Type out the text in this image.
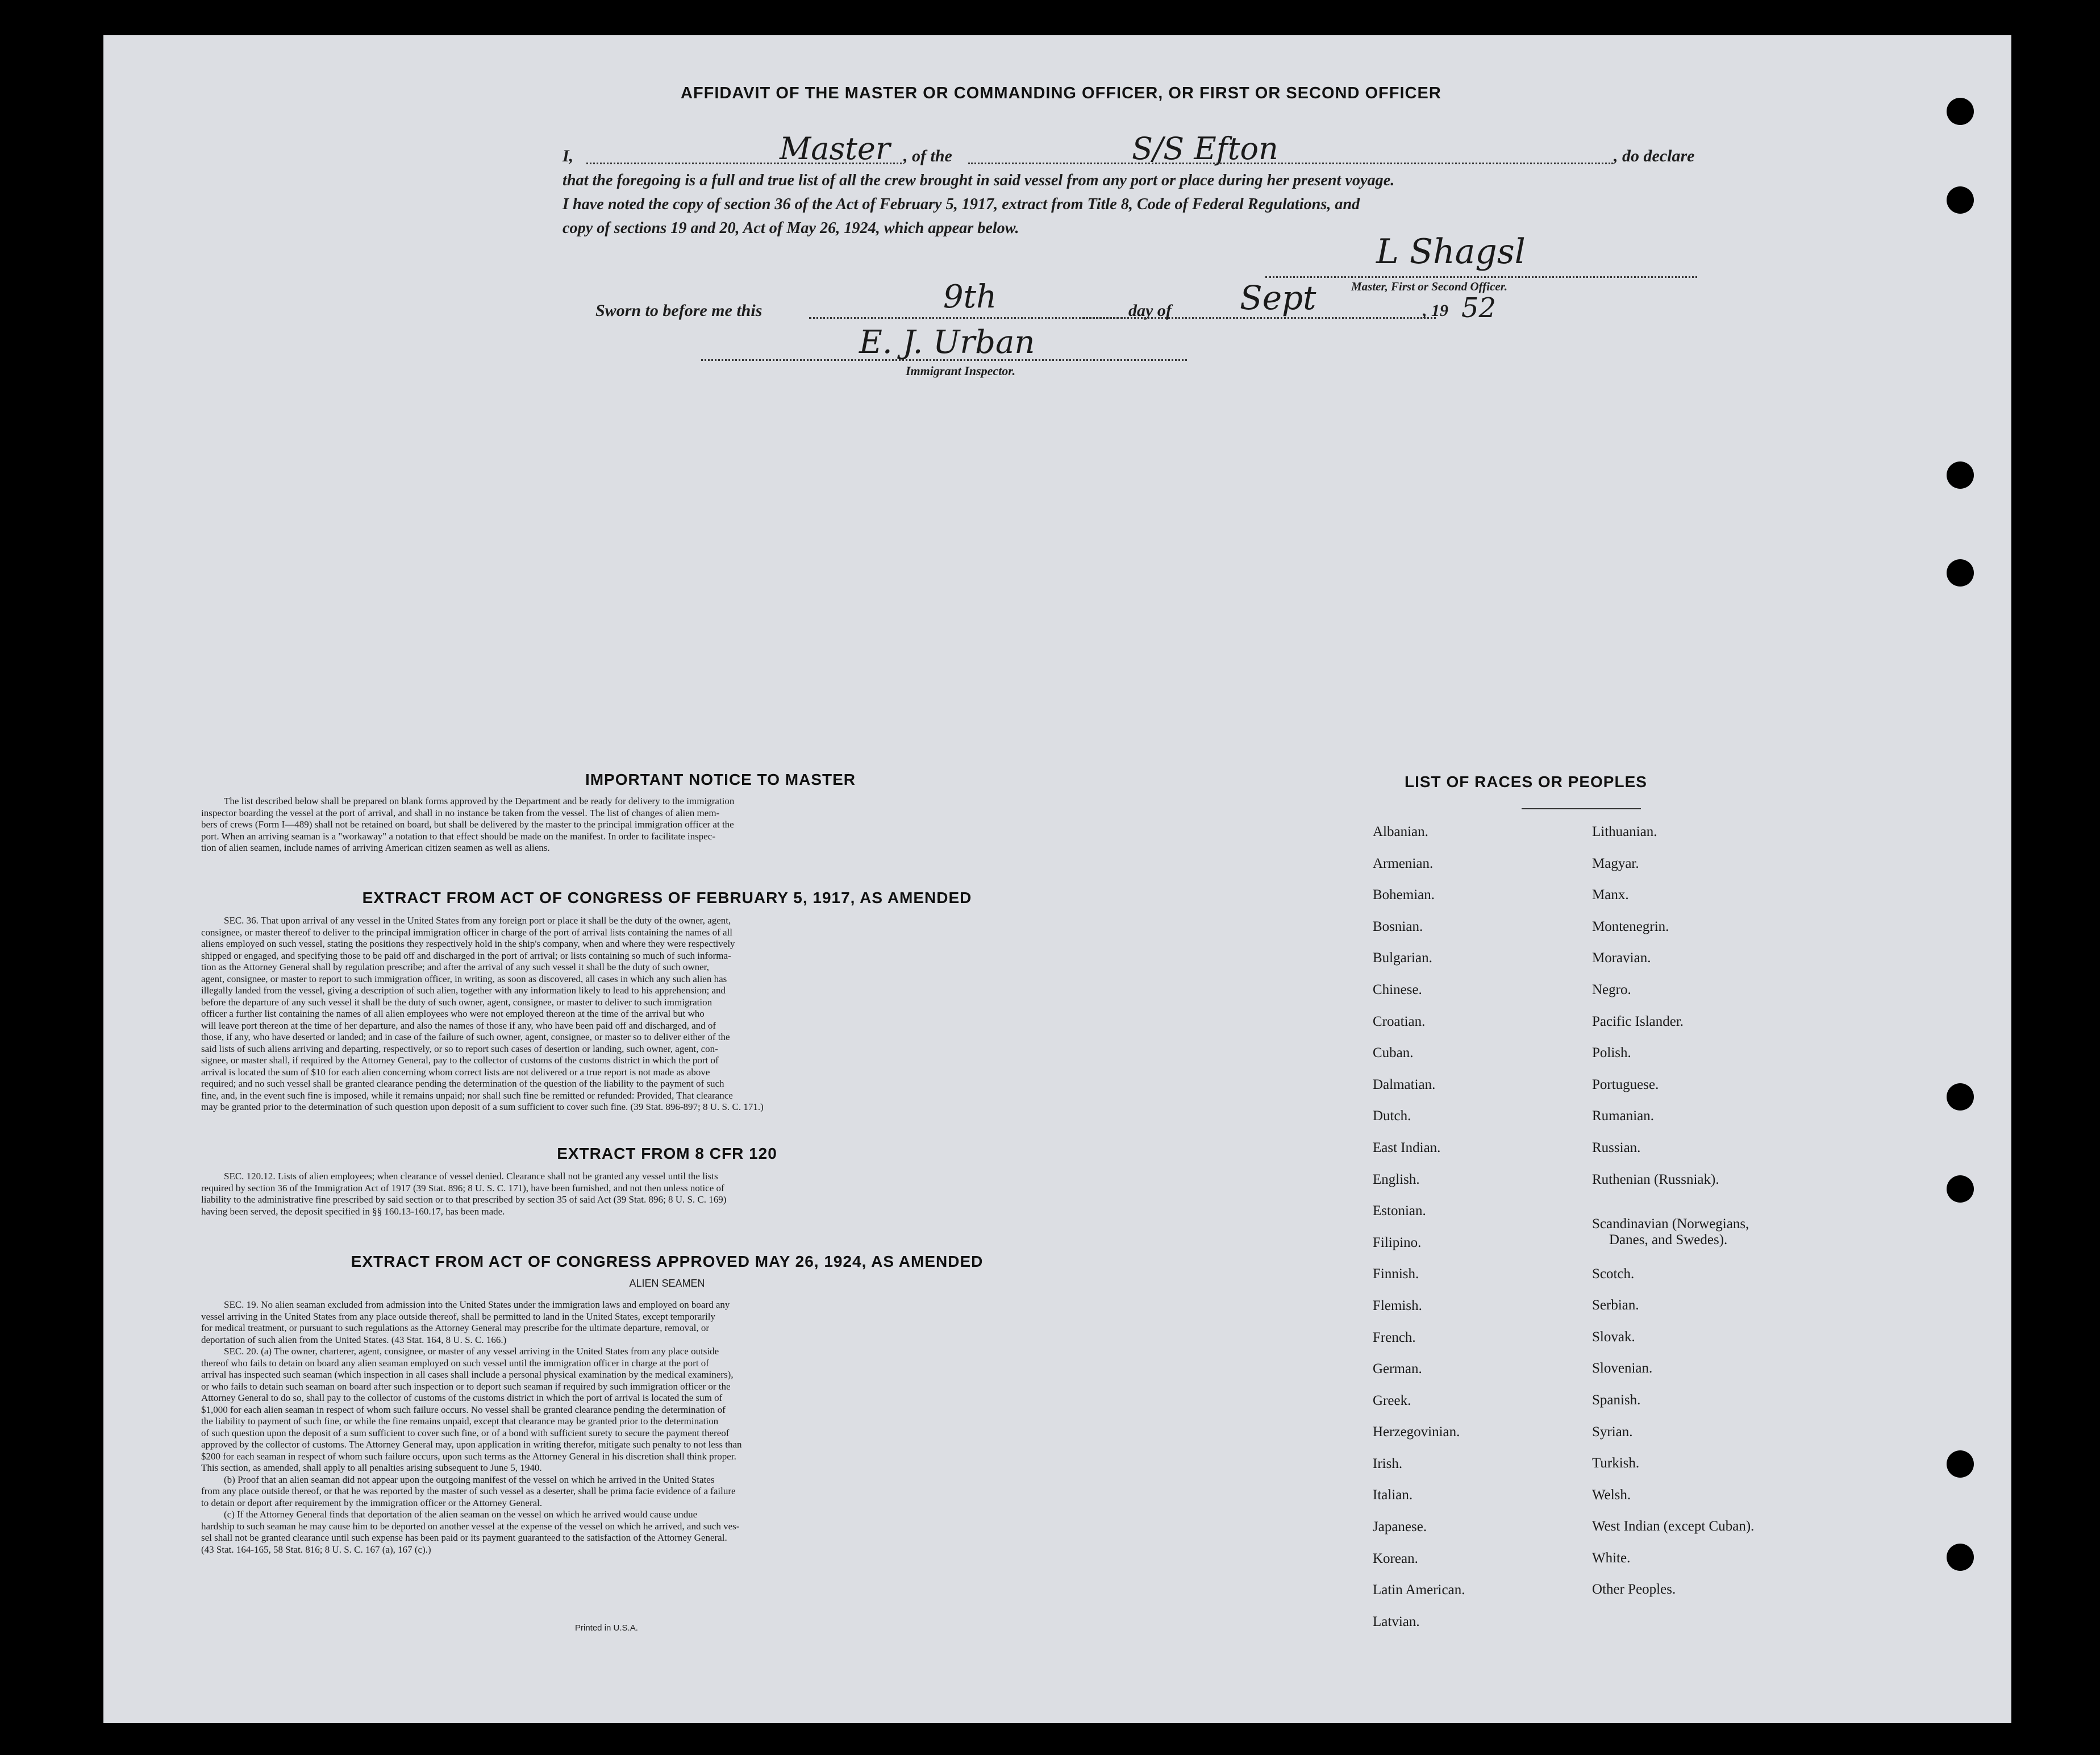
AFFIDAVIT OF THE MASTER OR COMMANDING OFFICER, OR FIRST OR SECOND OFFICER
I,	Master , of the	S/S Efton	, do declare
that the foregoing is a full and true list of all the crew brought in said vessel from any port or place during her present voyage.
I have noted the copy of section 36 of the Act of February 5, 1917, extract from Title 8, Code of Federal Regulations, and
copy of sections 19 and 20, Act of May 26, 1924, which appear below.
L Shagsl
Master, First or Second Officer.
Sworn to before me this	9th	day of Sept	, 19 52
E. J. Urban
Immigrant Inspector.
IMPORTANT NOTICE TO MASTER
The list described below shall be prepared on blank forms approved by the Department and be ready for delivery to the immigration
inspector boarding the vessel at the port of arrival, and shall in no instance be taken from the vessel. The list of changes of alien mem-
bers of crews (Form I—489) shall not be retained on board, but shall be delivered by the master to the principal immigration officer at the
port. When an arriving seaman is a "workaway" a notation to that effect should be made on the manifest. In order to facilitate inspec-
tion of alien seamen, include names of arriving American citizen seamen as well as aliens.
EXTRACT FROM ACT OF CONGRESS OF FEBRUARY 5, 1917, AS AMENDED
SEC. 36. That upon arrival of any vessel in the United States from any foreign port or place it shall be the duty of the owner, agent,
consignee, or master thereof to deliver to the principal immigration officer in charge of the port of arrival lists containing the names of all
aliens employed on such vessel, stating the positions they respectively hold in the ship's company, when and where they were respectively
shipped or engaged, and specifying those to be paid off and discharged in the port of arrival; or lists containing so much of such informa-
tion as the Attorney General shall by regulation prescribe; and after the arrival of any such vessel it shall be the duty of such owner,
agent, consignee, or master to report to such immigration officer, in writing, as soon as discovered, all cases in which any such alien has
illegally landed from the vessel, giving a description of such alien, together with any information likely to lead to his apprehension; and
before the departure of any such vessel it shall be the duty of such owner, agent, consignee, or master to deliver to such immigration
officer a further list containing the names of all alien employees who were not employed thereon at the time of the arrival but who
will leave port thereon at the time of her departure, and also the names of those if any, who have been paid off and discharged, and of
those, if any, who have deserted or landed; and in case of the failure of such owner, agent, consignee, or master so to deliver either of the
said lists of such aliens arriving and departing, respectively, or so to report such cases of desertion or landing, such owner, agent, con-
signee, or master shall, if required by the Attorney General, pay to the collector of customs of the customs district in which the port of
arrival is located the sum of $10 for each alien concerning whom correct lists are not delivered or a true report is not made as above
required; and no such vessel shall be granted clearance pending the determination of the question of the liability to the payment of such
fine, and, in the event such fine is imposed, while it remains unpaid; nor shall such fine be remitted or refunded: Provided, That clearance
may be granted prior to the determination of such question upon deposit of a sum sufficient to cover such fine. (39 Stat. 896-897; 8 U. S. C. 171.)
EXTRACT FROM 8 CFR 120
SEC. 120.12. Lists of alien employees; when clearance of vessel denied. Clearance shall not be granted any vessel until the lists
required by section 36 of the Immigration Act of 1917 (39 Stat. 896; 8 U. S. C. 171), have been furnished, and not then unless notice of
liability to the administrative fine prescribed by said section or to that prescribed by section 35 of said Act (39 Stat. 896; 8 U. S. C. 169)
having been served, the deposit specified in §§ 160.13-160.17, has been made.
EXTRACT FROM ACT OF CONGRESS APPROVED MAY 26, 1924, AS AMENDED
ALIEN SEAMEN
SEC. 19. No alien seaman excluded from admission into the United States under the immigration laws and employed on board any
vessel arriving in the United States from any place outside thereof, shall be permitted to land in the United States, except temporarily
for medical treatment, or pursuant to such regulations as the Attorney General may prescribe for the ultimate departure, removal, or
deportation of such alien from the United States. (43 Stat. 164, 8 U. S. C. 166.)
SEC. 20. (a) The owner, charterer, agent, consignee, or master of any vessel arriving in the United States from any place outside
thereof who fails to detain on board any alien seaman employed on such vessel until the immigration officer in charge at the port of
arrival has inspected such seaman (which inspection in all cases shall include a personal physical examination by the medical examiners),
or who fails to detain such seaman on board after such inspection or to deport such seaman if required by such immigration officer or the
Attorney General to do so, shall pay to the collector of customs of the customs district in which the port of arrival is located the sum of
$1,000 for each alien seaman in respect of whom such failure occurs. No vessel shall be granted clearance pending the determination of
the liability to payment of such fine, or while the fine remains unpaid, except that clearance may be granted prior to the determination
of such question upon the deposit of a sum sufficient to cover such fine, or of a bond with sufficient surety to secure the payment thereof
approved by the collector of customs. The Attorney General may, upon application in writing therefor, mitigate such penalty to not less than
$200 for each seaman in respect of whom such failure occurs, upon such terms as the Attorney General in his discretion shall think proper.
This section, as amended, shall apply to all penalties arising subsequent to June 5, 1940.
(b) Proof that an alien seaman did not appear upon the outgoing manifest of the vessel on which he arrived in the United States
from any place outside thereof, or that he was reported by the master of such vessel as a deserter, shall be prima facie evidence of a failure
to detain or deport after requirement by the immigration officer or the Attorney General.
(c) If the Attorney General finds that deportation of the alien seaman on the vessel on which he arrived would cause undue
hardship to such seaman he may cause him to be deported on another vessel at the expense of the vessel on which he arrived, and such ves-
sel shall not be granted clearance until such expense has been paid or its payment guaranteed to the satisfaction of the Attorney General.
(43 Stat. 164-165, 58 Stat. 816; 8 U. S. C. 167 (a), 167 (c).)
Printed in U.S.A.
LIST OF RACES OR PEOPLES
Albanian.
Armenian.
Bohemian.
Bosnian.
Bulgarian.
Chinese.
Croatian.
Cuban.
Dalmatian.
Dutch.
East Indian.
English.
Estonian.
Filipino.
Finnish.
Flemish.
French.
German.
Greek.
Herzegovinian.
Irish.
Italian.
Japanese.
Korean.
Latin American.
Latvian.
Lithuanian.
Magyar.
Manx.
Montenegrin.
Moravian.
Negro.
Pacific Islander.
Polish.
Portuguese.
Rumanian.
Russian.
Ruthenian (Russniak).
Scandinavian (Norwegians,
Danes, and Swedes).
Scotch.
Serbian.
Slovak.
Slovenian.
Spanish.
Syrian.
Turkish.
Welsh.
West Indian (except Cuban).
White.
Other Peoples.
